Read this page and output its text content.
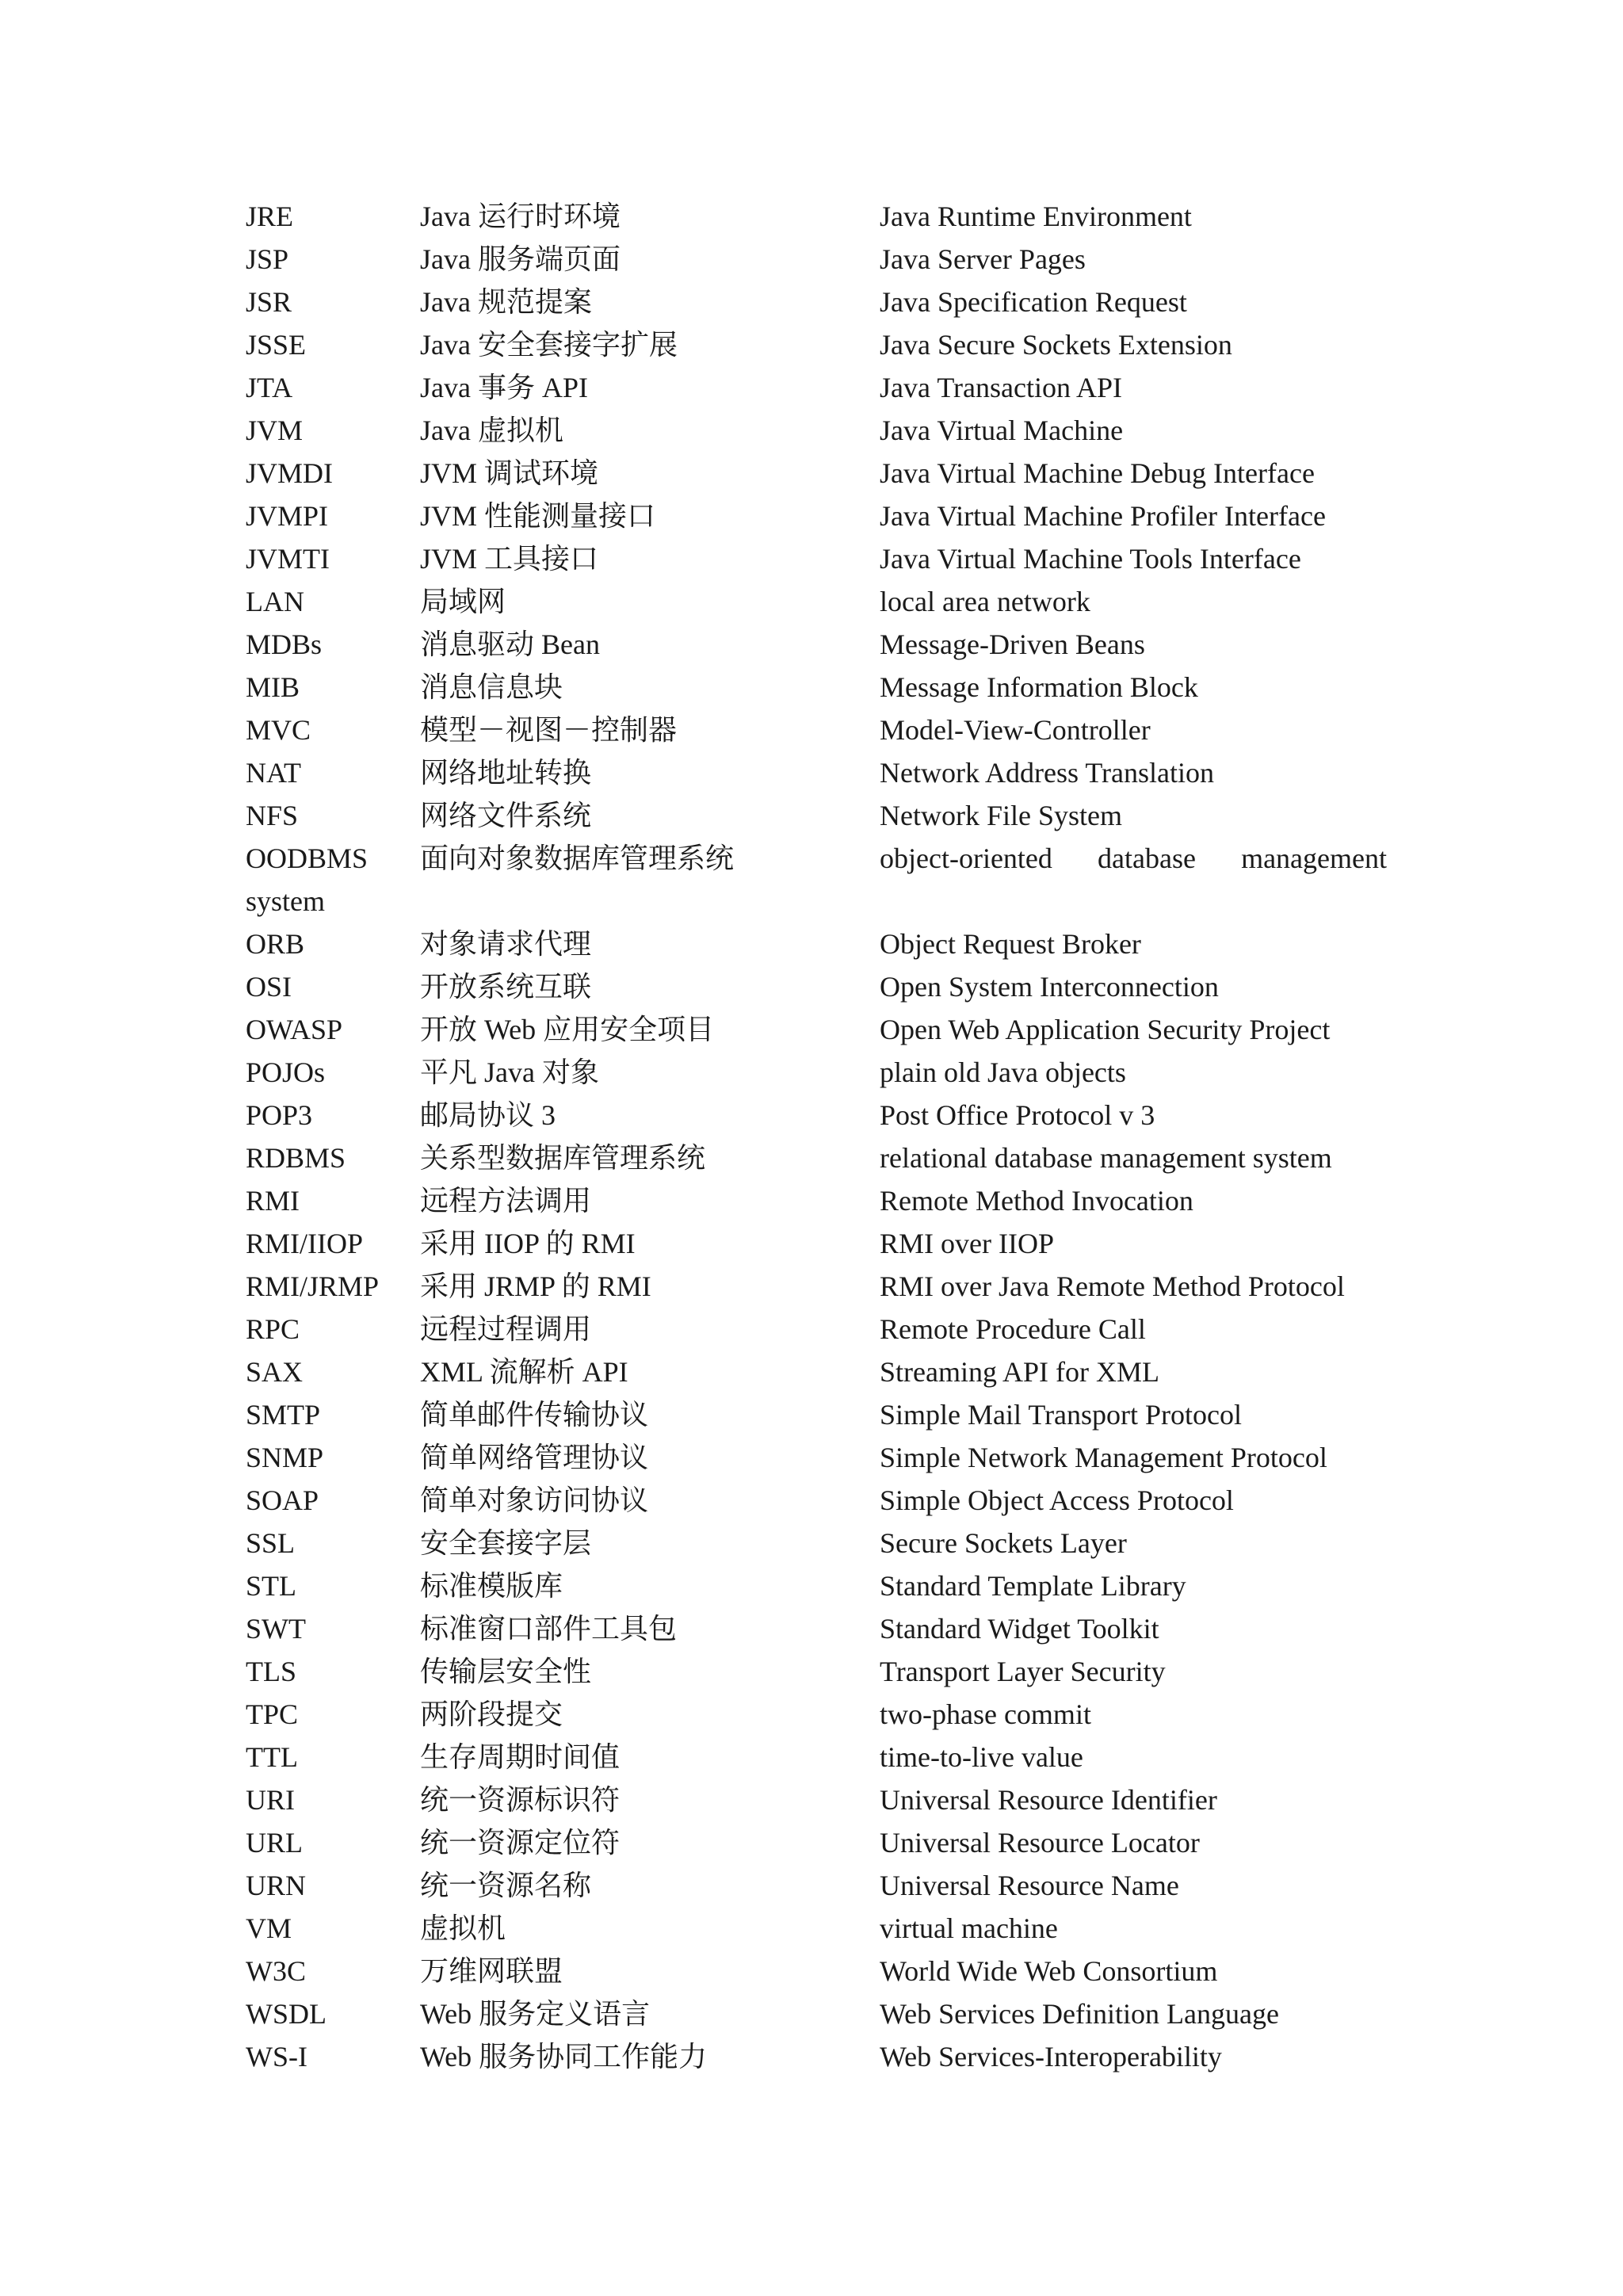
JRE	Java 运行时环境	Java Runtime Environment
JSP	Java 服务端页面	Java Server Pages
JSR	Java 规范提案	Java Specification Request
JSSE	Java 安全套接字扩展	Java Secure Sockets Extension
JTA	Java 事务 API	Java Transaction API
JVM	Java 虚拟机	Java Virtual Machine
JVMDI	JVM 调试环境	Java Virtual Machine Debug Interface
JVMPI	JVM 性能测量接口	Java Virtual Machine Profiler Interface
JVMTI	JVM 工具接口	Java Virtual Machine Tools Interface
LAN	局域网	local area network
MDBs	消息驱动 Bean	Message-Driven Beans
MIB	消息信息块	Message Information Block
MVC	模型－视图－控制器	Model-View-Controller
NAT	网络地址转换	Network Address Translation
NFS	网络文件系统	Network File System
OODBMS 面向对象数据库管理系统	object-oriented database management
system
ORB	对象请求代理	Object Request Broker
OSI	开放系统互联	Open System Interconnection
OWASP	开放 Web 应用安全项目	Open Web Application Security Project
POJOs	平凡 Java 对象	plain old Java objects
POP3	邮局协议 3	Post Office Protocol v 3
RDBMS	关系型数据库管理系统	relational database management system
RMI	远程方法调用	Remote Method Invocation
RMI/IIOP 采用 IIOP 的 RMI	RMI over IIOP
RMI/JRMP 采用 JRMP 的 RMI	RMI over Java Remote Method Protocol
RPC	远程过程调用	Remote Procedure Call
SAX	XML 流解析 API	Streaming API for XML
SMTP	简单邮件传输协议	Simple Mail Transport Protocol
SNMP	简单网络管理协议	Simple Network Management Protocol
SOAP	简单对象访问协议	Simple Object Access Protocol
SSL	安全套接字层	Secure Sockets Layer
STL	标准模版库	Standard Template Library
SWT	标准窗口部件工具包	Standard Widget Toolkit
TLS	传输层安全性	Transport Layer Security
TPC	两阶段提交	two-phase commit
TTL	生存周期时间值	time-to-live value
URI	统一资源标识符	Universal Resource Identifier
URL	统一资源定位符	Universal Resource Locator
URN	统一资源名称	Universal Resource Name
VM	虚拟机	virtual machine
W3C	万维网联盟	World Wide Web Consortium
WSDL	Web 服务定义语言	Web Services Definition Language
WS-I	Web 服务协同工作能力	Web Services-Interoperability
